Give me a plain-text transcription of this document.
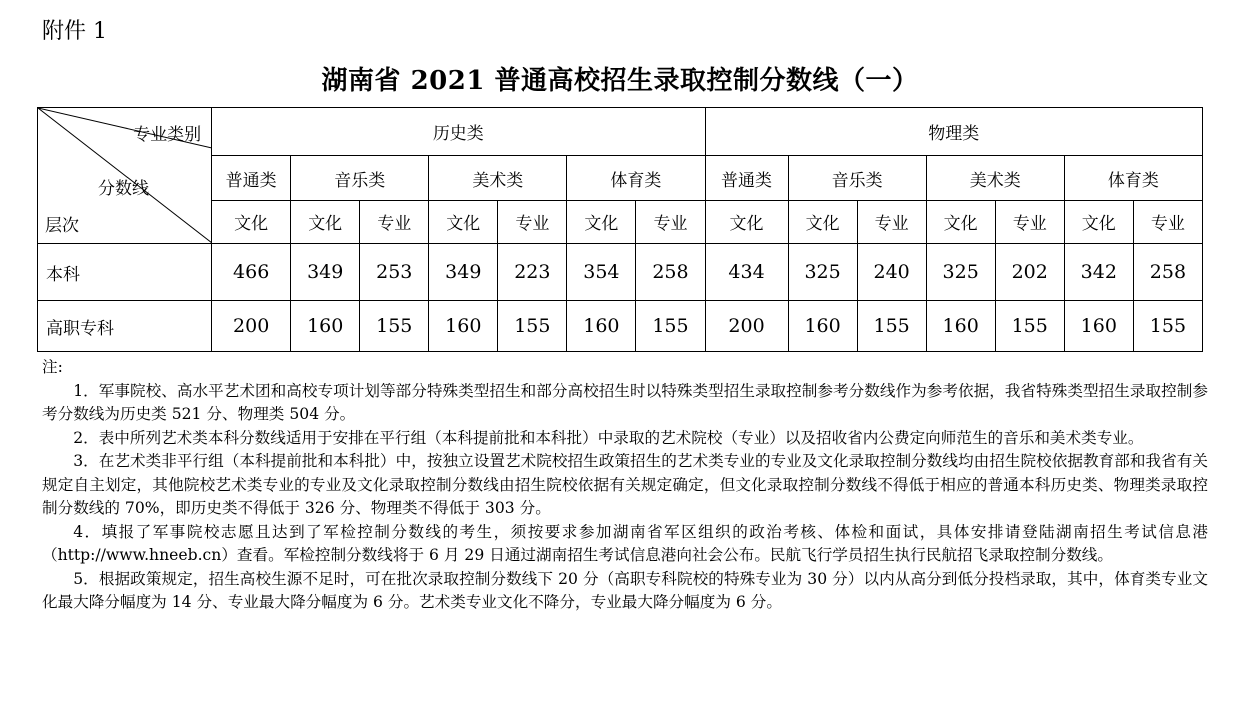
附件 1
湖南省 2021 普通高校招生录取控制分数线（一）
专业类别
分数线
层次	历史类							物理类						
	普通类	音乐类		美术类		体育类		普通类	音乐类		美术类		体育类	
	文化	文化	专业	文化	专业	文化	专业	文化	文化	专业	文化	专业	文化	专业
本科	466	349	253	349	223	354	258	434	325	240	325	202	342	258
高职专科	200	160	155	160	155	160	155	200	160	155	160	155	160	155

注:

1．军事院校、高水平艺术团和高校专项计划等部分特殊类型招生和部分高校招生时以特殊类型招生录取控制参考分数线作为参考依据，我省特殊类型招生录取控制参考分数线为历史类 521 分、物理类 504 分。

2．表中所列艺术类本科分数线适用于安排在平行组（本科提前批和本科批）中录取的艺术院校（专业）以及招收省内公费定向师范生的音乐和美术类专业。

3．在艺术类非平行组（本科提前批和本科批）中，按独立设置艺术院校招生政策招生的艺术类专业的专业及文化录取控制分数线均由招生院校依据教育部和我省有关规定自主划定，其他院校艺术类专业的专业及文化录取控制分数线由招生院校依据有关规定确定，但文化录取控制分数线不得低于相应的普通本科历史类、物理类录取控制分数线的 70%，即历史类不得低于 326 分、物理类不得低于 303 分。

4．填报了军事院校志愿且达到了军检控制分数线的考生，须按要求参加湖南省军区组织的政治考核、体检和面试，具体安排请登陆湖南招生考试信息港（http://www.hneeb.cn）查看。军检控制分数线将于 6 月 29 日通过湖南招生考试信息港向社会公布。民航飞行学员招生执行民航招飞录取控制分数线。

5．根据政策规定，招生高校生源不足时，可在批次录取控制分数线下 20 分（高职专科院校的特殊专业为 30 分）以内从高分到低分投档录取，其中，体育类专业文化最大降分幅度为 14 分、专业最大降分幅度为 6 分。艺术类专业文化不降分，专业最大降分幅度为 6 分。
